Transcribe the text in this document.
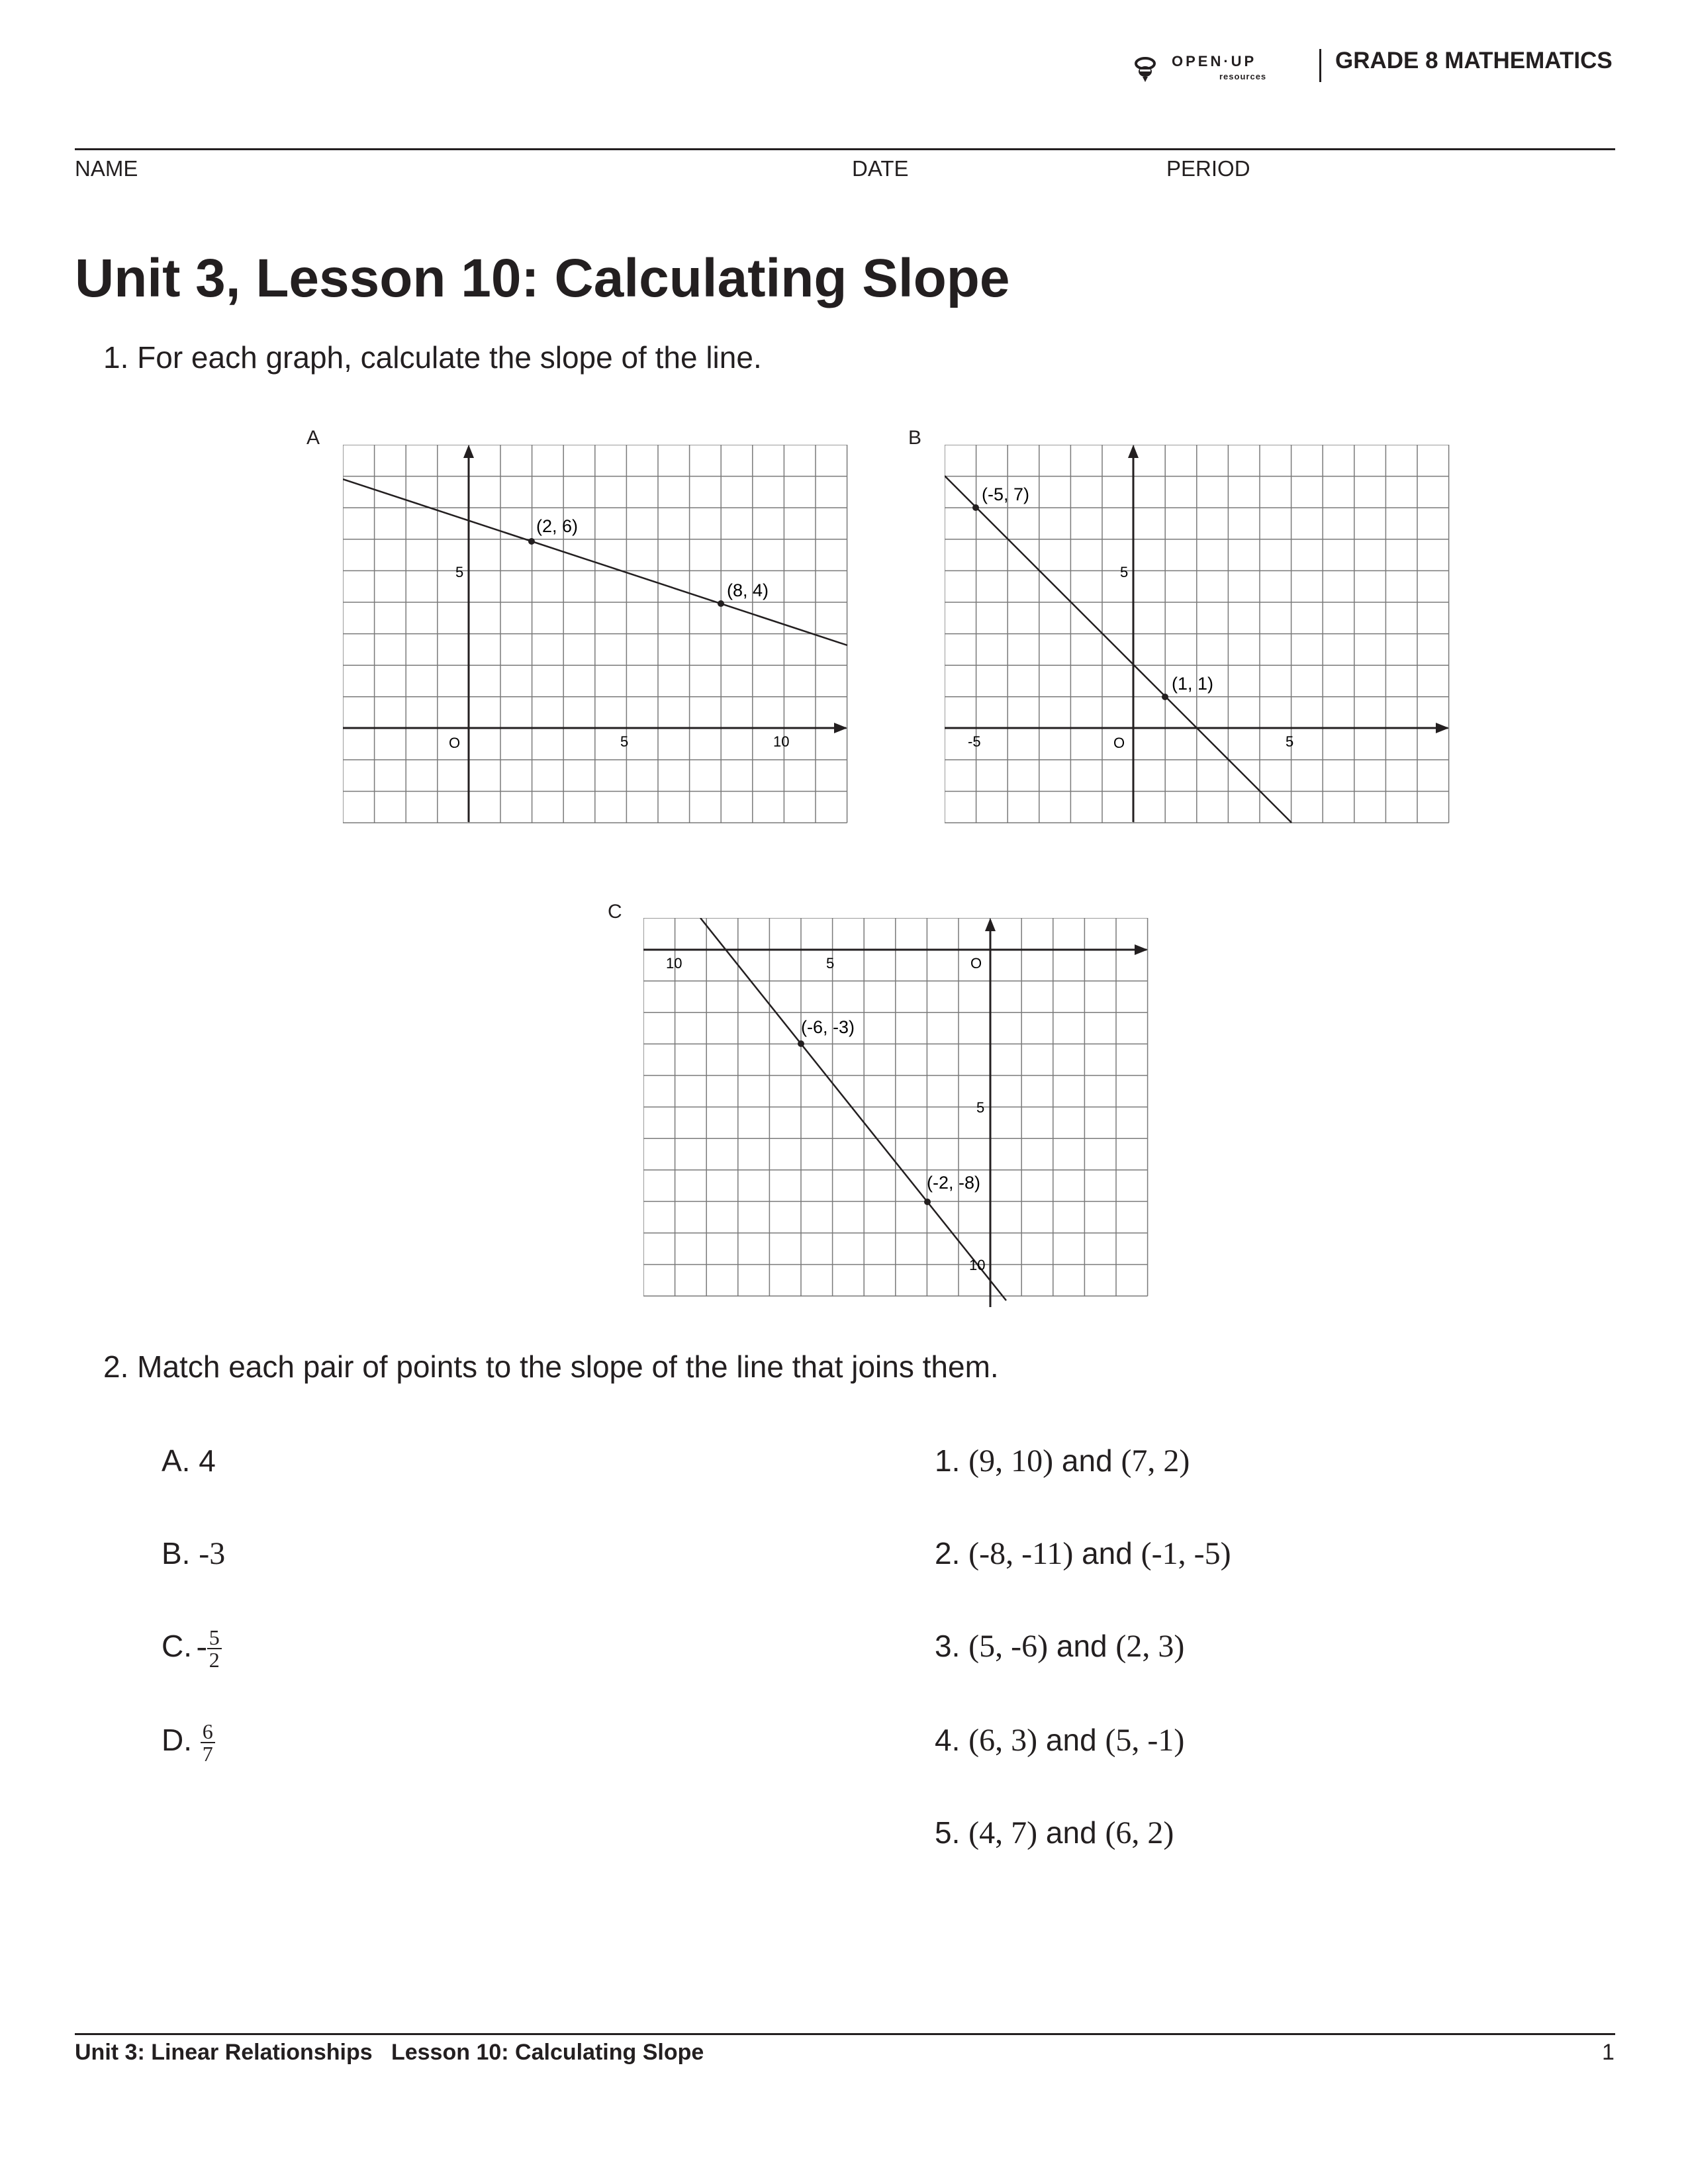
OPEN·UP
resources
GRADE 8 MATHEMATICS
NAME	DATE	PERIOD
Unit 3, Lesson 10: Calculating Slope
1. For each graph, calculate the slope of the line.
A	B
C
(2, 6)
(8, 4)
5
5	10
O
(-5, 7)
(1, 1)
5
-5	5
O
(-6, -3)
(-2, -8)
10	5
5
10
O
2. Match each pair of points to the slope of the line that joins them.
A. 4
B. -3
C. - $\frac{5}{2}$
D. $\frac{6}{7}$
1. (9, 10) and (7, 2)
2. (-8, -11) and (-1, -5)
3. (5, -6) and (2, 3)
4. (6, 3) and (5, -1)
5. (4, 7) and (6, 2)
Unit 3: Linear Relationships Lesson 10: Calculating Slope	1
